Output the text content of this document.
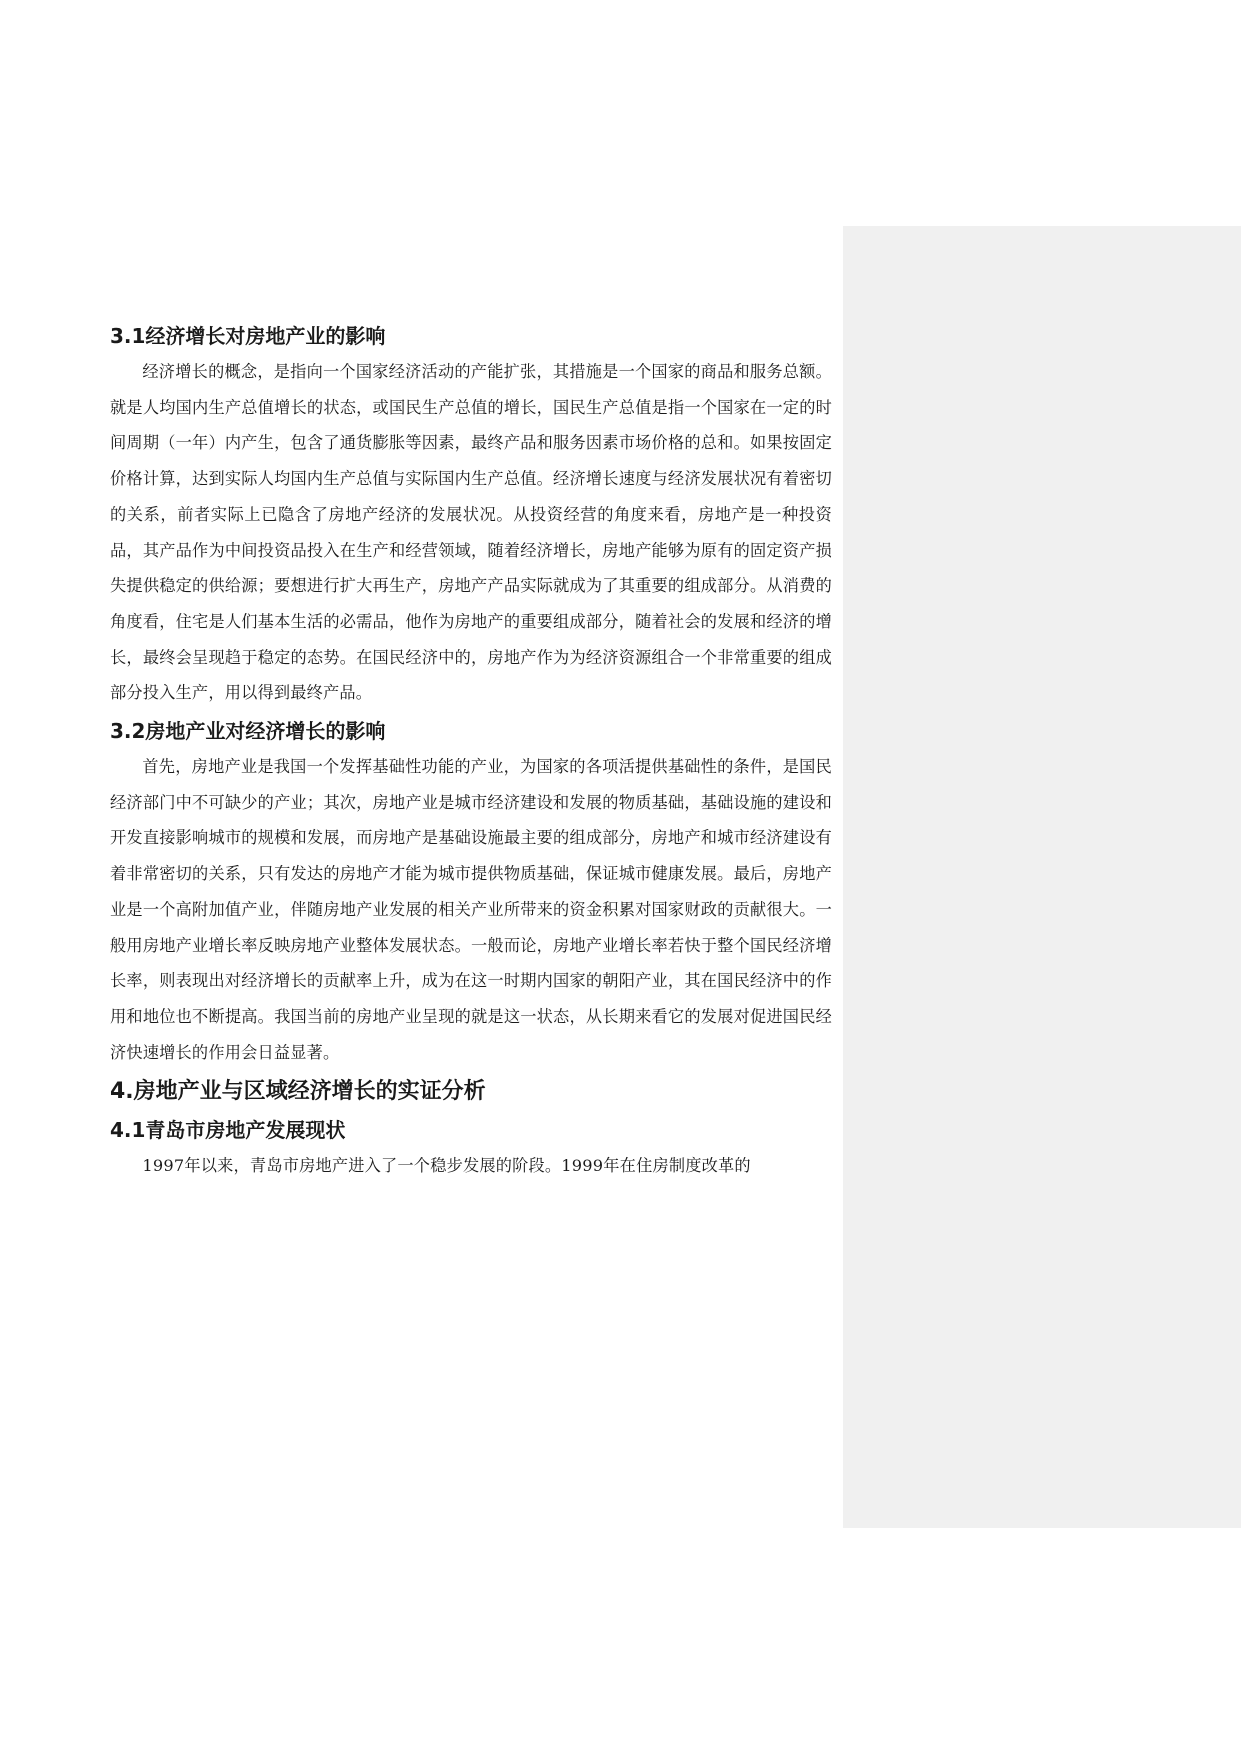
3.1经济增长对房地产业的影响

经济增长的概念，是指向一个国家经济活动的产能扩张，其措施是一个国家的商品和服务总额。就是人均国内生产总值增长的状态，或国民生产总值的增长，国民生产总值是指一个国家在一定的时间周期（一年）内产生，包含了通货膨胀等因素，最终产品和服务因素市场价格的总和。如果按固定价格计算，达到实际人均国内生产总值与实际国内生产总值。经济增长速度与经济发展状况有着密切的关系，前者实际上已隐含了房地产经济的发展状况。从投资经营的角度来看，房地产是一种投资品，其产品作为中间投资品投入在生产和经营领域，随着经济增长，房地产能够为原有的固定资产损失提供稳定的供给源；要想进行扩大再生产，房地产产品实际就成为了其重要的组成部分。从消费的角度看，住宅是人们基本生活的必需品，他作为房地产的重要组成部分，随着社会的发展和经济的增长，最终会呈现趋于稳定的态势。在国民经济中的，房地产作为为经济资源组合一个非常重要的组成部分投入生产，用以得到最终产品。

3.2房地产业对经济增长的影响

首先，房地产业是我国一个发挥基础性功能的产业，为国家的各项活提供基础性的条件，是国民经济部门中不可缺少的产业；其次，房地产业是城市经济建设和发展的物质基础，基础设施的建设和开发直接影响城市的规模和发展，而房地产是基础设施最主要的组成部分，房地产和城市经济建设有着非常密切的关系，只有发达的房地产才能为城市提供物质基础，保证城市健康发展。最后，房地产业是一个高附加值产业，伴随房地产业发展的相关产业所带来的资金积累对国家财政的贡献很大。一般用房地产业增长率反映房地产业整体发展状态。一般而论，房地产业增长率若快于整个国民经济增长率，则表现出对经济增长的贡献率上升，成为在这一时期内国家的朝阳产业，其在国民经济中的作用和地位也不断提高。我国当前的房地产业呈现的就是这一状态，从长期来看它的发展对促进国民经济快速增长的作用会日益显著。

4.房地产业与区域经济增长的实证分析
4.1青岛市房地产发展现状

1997年以来，青岛市房地产进入了一个稳步发展的阶段。1999年在住房制度改革的
